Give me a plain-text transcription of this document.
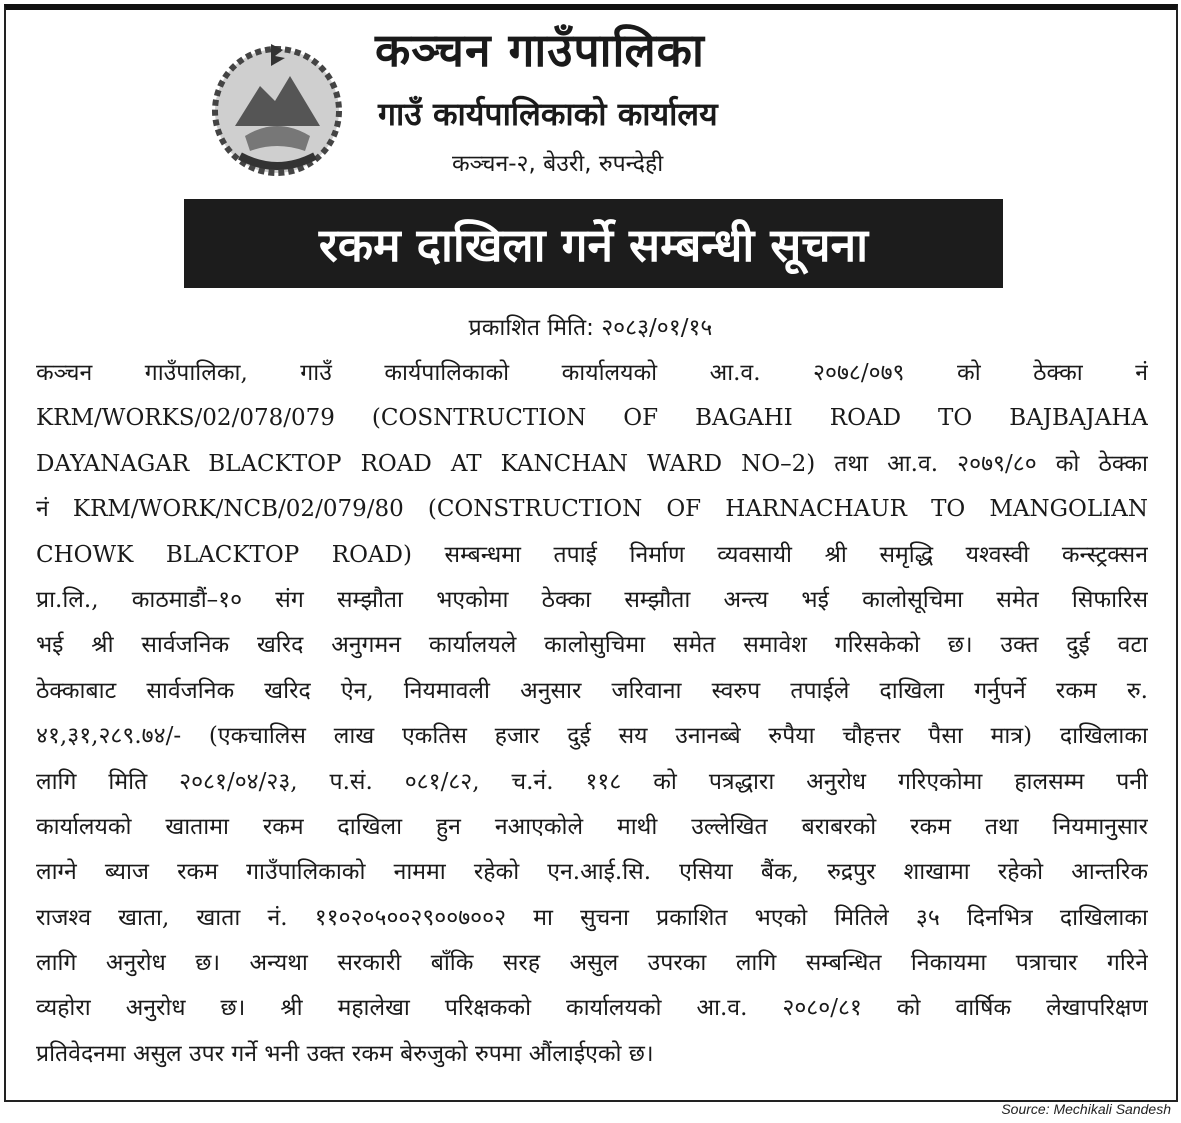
कञ्चन गाउँपालिका
गाउँ कार्यपालिकाको कार्यालय
कञ्चन-२, बेउरी, रुपन्देही
रकम दाखिला गर्ने सम्बन्धी सूचना
प्रकाशित मिति: २०८३/०१/१५
कञ्चन गाउँपालिका, गाउँ कार्यपालिकाको कार्यालयको आ.व. २०७८/०७९ को ठेक्का नं
KRM/WORKS/02/078/079 (COSNTRUCTION OF BAGAHI ROAD TO BAJBAJAHA
DAYANAGAR BLACKTOP ROAD AT KANCHAN WARD NO–2) तथा आ.व. २०७९/८० को ठेक्का
नं KRM/WORK/NCB/02/079/80 (CONSTRUCTION OF HARNACHAUR TO MANGOLIAN
CHOWK BLACKTOP ROAD) सम्बन्धमा तपाई निर्माण व्यवसायी श्री समृद्धि यश्वस्वी कन्स्ट्रक्सन
प्रा.लि., काठमाडौं–१० संग सम्झौता भएकोमा ठेक्का सम्झौता अन्त्य भई कालोसूचिमा समेत सिफारिस
भई श्री सार्वजनिक खरिद अनुगमन कार्यालयले कालोसुचिमा समेत समावेश गरिसकेको छ। उक्त दुई वटा
ठेक्काबाट सार्वजनिक खरिद ऐन, नियमावली अनुसार जरिवाना स्वरुप तपाईले दाखिला गर्नुपर्ने रकम रु.
४१,३१,२८९.७४/- (एकचालिस लाख एकतिस हजार दुई सय उनानब्बे रुपैया चौहत्तर पैसा मात्र) दाखिलाका
लागि मिति २०८१/०४/२३, प.सं. ०८१/८२, च.नं. ११८ को पत्रद्धारा अनुरोध गरिएकोमा हालसम्म पनी
कार्यालयको खातामा रकम दाखिला हुन नआएकोले माथी उल्लेखित बराबरको रकम तथा नियमानुसार
लाग्ने ब्याज रकम गाउँपालिकाको नाममा रहेको एन.आई.सि. एसिया बैंक, रुद्रपुर शाखामा रहेको आन्तरिक
राजश्व खाता, खाता नं. ११०२०५००२९००७००२ मा सुचना प्रकाशित भएको मितिले ३५ दिनभित्र दाखिलाका
लागि अनुरोध छ। अन्यथा सरकारी बाँकि सरह असुल उपरका लागि सम्बन्धित निकायमा पत्राचार गरिने
व्यहोरा अनुरोध छ। श्री महालेखा परिक्षकको कार्यालयको आ.व. २०८०/८१ को वार्षिक लेखापरिक्षण
प्रतिवेदनमा असुल उपर गर्ने भनी उक्त रकम बेरुजुको रुपमा औंलाईएको छ।
Source: Mechikali Sandesh
